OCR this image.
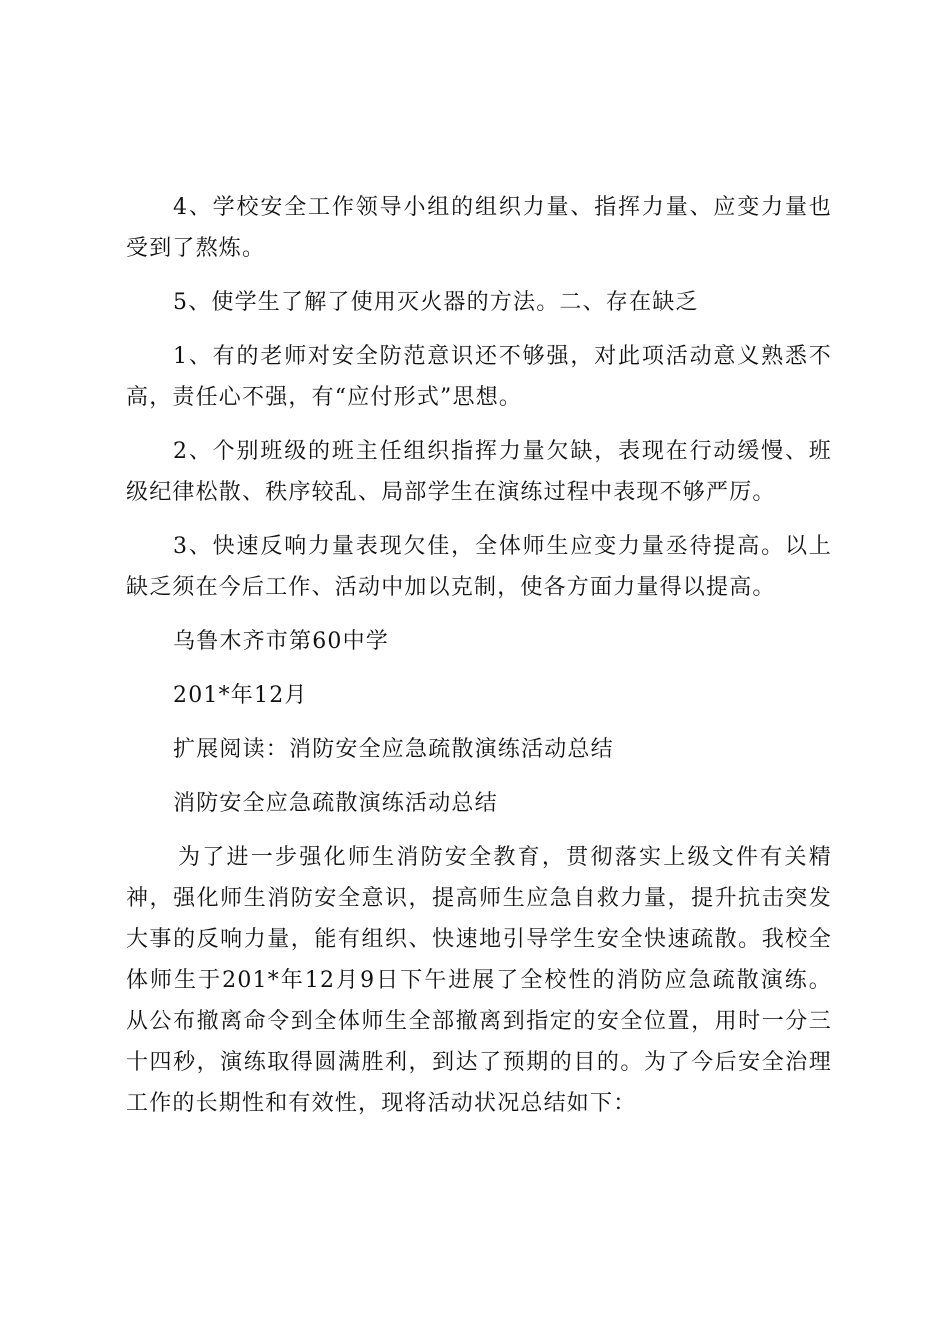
4、学校安全工作领导小组的组织力量、指挥力量、应变力量也受到了熬炼。

5、使学生了解了使用灭火器的方法。二、存在缺乏

1、有的老师对安全防范意识还不够强，对此项活动意义熟悉不高，责任心不强，有“应付形式”思想。

2、个别班级的班主任组织指挥力量欠缺，表现在行动缓慢、班级纪律松散、秩序较乱、局部学生在演练过程中表现不够严厉。

3、快速反响力量表现欠佳，全体师生应变力量丞待提高。以上缺乏须在今后工作、活动中加以克制，使各方面力量得以提高。

乌鲁木齐市第60中学

201*年12月

扩展阅读：消防安全应急疏散演练活动总结

消防安全应急疏散演练活动总结

为了进一步强化师生消防安全教育，贯彻落实上级文件有关精神，强化师生消防安全意识，提高师生应急自救力量，提升抗击突发大事的反响力量，能有组织、快速地引导学生安全快速疏散。我校全体师生于201*年12月9日下午进展了全校性的消防应急疏散演练。从公布撤离命令到全体师生全部撤离到指定的安全位置，用时一分三十四秒，演练取得圆满胜利，到达了预期的目的。为了今后安全治理工作的长期性和有效性，现将活动状况总结如下：
